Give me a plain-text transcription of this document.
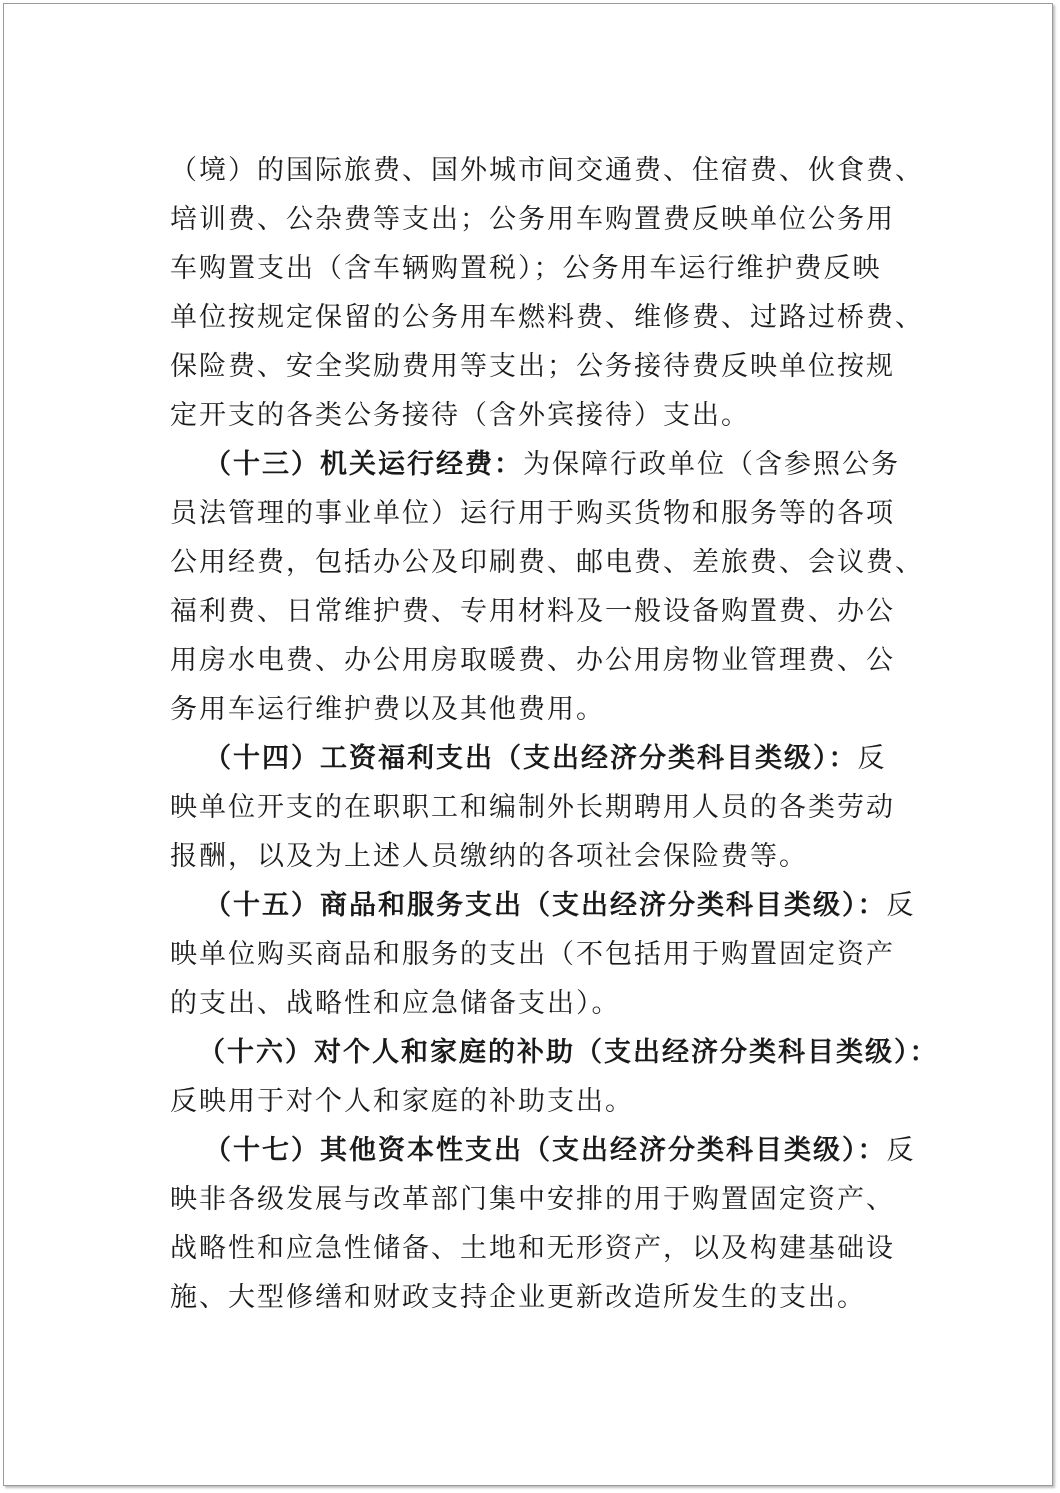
（境）的国际旅费、国外城市间交通费、住宿费、伙食费、
培训费、公杂费等支出；公务用车购置费反映单位公务用
车购置支出（含车辆购置税）；公务用车运行维护费反映
单位按规定保留的公务用车燃料费、维修费、过路过桥费、
保险费、安全奖励费用等支出；公务接待费反映单位按规
定开支的各类公务接待（含外宾接待）支出。
（十三）机关运行经费：为保障行政单位（含参照公务
员法管理的事业单位）运行用于购买货物和服务等的各项
公用经费，包括办公及印刷费、邮电费、差旅费、会议费、
福利费、日常维护费、专用材料及一般设备购置费、办公
用房水电费、办公用房取暖费、办公用房物业管理费、公
务用车运行维护费以及其他费用。
（十四）工资福利支出（支出经济分类科目类级）：反
映单位开支的在职职工和编制外长期聘用人员的各类劳动
报酬，以及为上述人员缴纳的各项社会保险费等。
（十五）商品和服务支出（支出经济分类科目类级）：反
映单位购买商品和服务的支出（不包括用于购置固定资产
的支出、战略性和应急储备支出）。
（十六）对个人和家庭的补助（支出经济分类科目类级）：
反映用于对个人和家庭的补助支出。
（十七）其他资本性支出（支出经济分类科目类级）：反
映非各级发展与改革部门集中安排的用于购置固定资产、
战略性和应急性储备、土地和无形资产，以及构建基础设
施、大型修缮和财政支持企业更新改造所发生的支出。
